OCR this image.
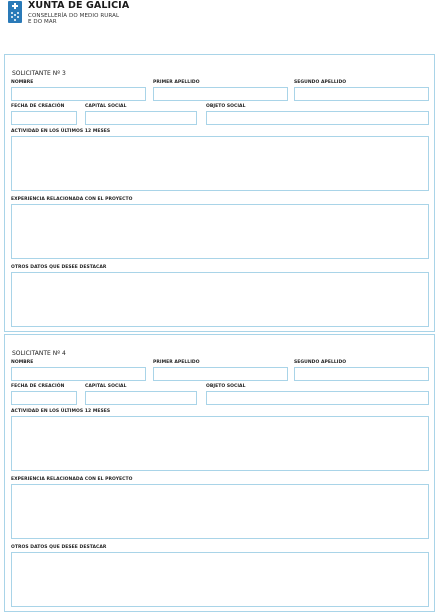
XUNTA DE GALICIA
CONSELLERÍA DO MEDIO RURAL
E DO MAR
SOLICITANTE Nº 3
NOMBRE	PRIMER APELLIDO	SEGUNDO APELLIDO
FECHA DE CREACIÓN	CAPITAL SOCIAL	OBJETO SOCIAL
ACTIVIDAD EN LOS ÚLTIMOS 12 MESES
EXPERIENCIA RELACIONADA CON EL PROYECTO
OTROS DATOS QUE DESEE DESTACAR
SOLICITANTE Nº 4
NOMBRE	PRIMER APELLIDO	SEGUNDO APELLIDO
FECHA DE CREACIÓN	CAPITAL SOCIAL	OBJETO SOCIAL
ACTIVIDAD EN LOS ÚLTIMOS 12 MESES
EXPERIENCIA RELACIONADA CON EL PROYECTO
OTROS DATOS QUE DESEE DESTACAR
